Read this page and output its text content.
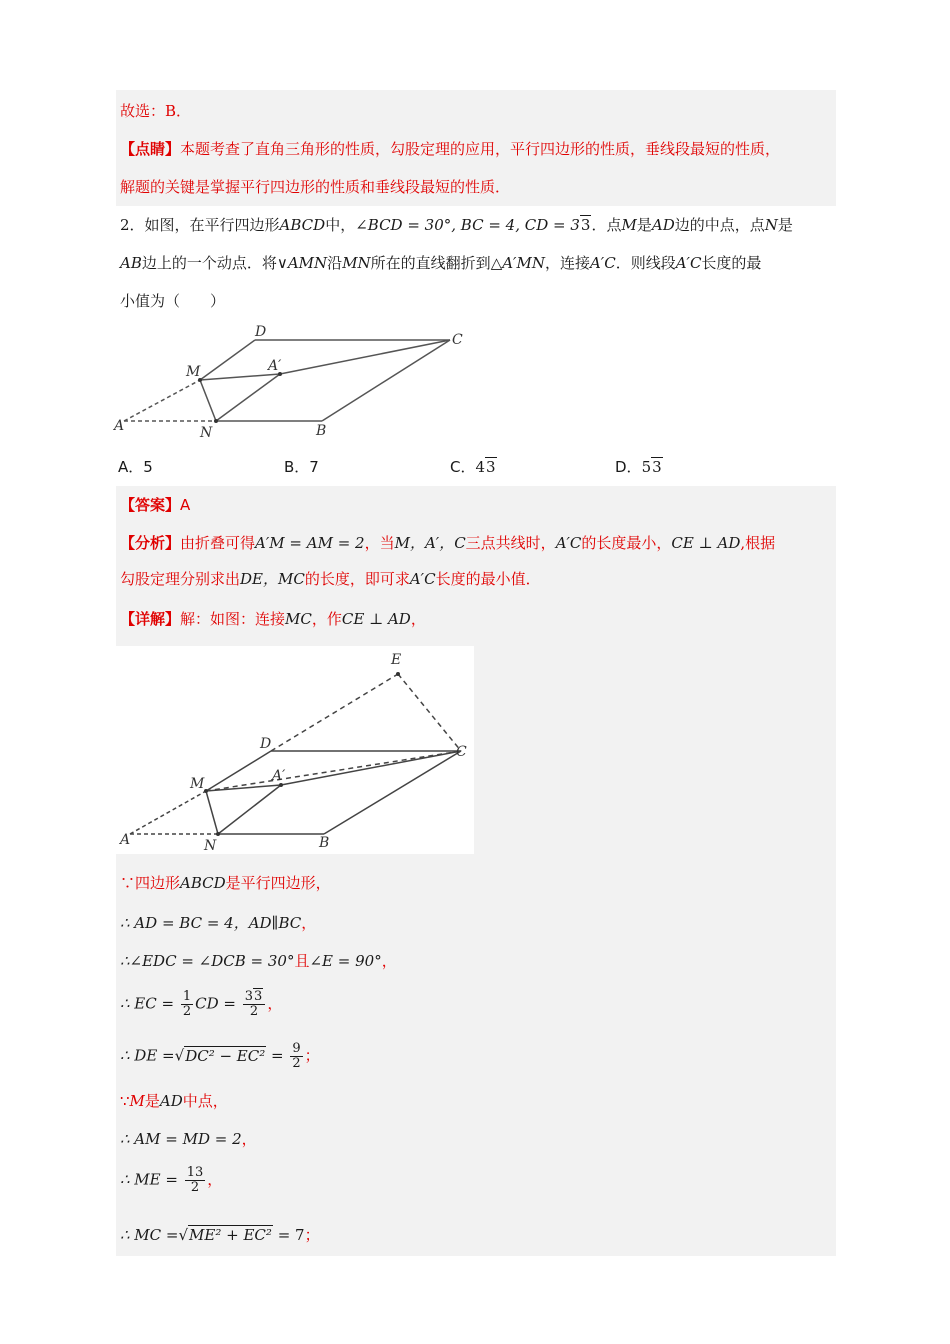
故选：B．
【点睛】本题考查了直角三角形的性质，勾股定理的应用，平行四边形的性质，垂线段最短的性质，
解题的关键是掌握平行四边形的性质和垂线段最短的性质．
2．如图，在平行四边形ABCD中，∠BCD = 30°, BC = 4, CD = 33．点M是AD边的中点，点N是
AB边上的一个动点．将∨AMN沿MN所在的直线翻折到△A′MN，连接A′C．则线段A′C长度的最
小值为（　　）
D	C
M	A′
A	N	B
A．5	B．7	C．43	D．53
【答案】A
【分析】由折叠可得A′M = AM = 2，当M，A′，C三点共线时，A′C的长度最小，CE ⊥ AD,根据
勾股定理分别求出DE，MC的长度，即可求A′C长度的最小值．
【详解】解：如图：连接MC，作CE ⊥ AD，
E
D	C
M	A′
A	N	B
∵四边形ABCD是平行四边形，
∴ AD = BC = 4，AD∥BC，
∴∠EDC = ∠DCB = 30°且∠E = 90°，
∴ EC = $\frac{1}{2}$ CD = $\frac{33}{2}$ ，
∴ DE $=√DC^2 - EC^2 = \frac{9}{2}$ ；
∵M是AD中点，
∴ AM = MD = 2，
∴ ME = $\frac{13}{2}$ ，
∴ MC =√ME² + EC² = 7；
